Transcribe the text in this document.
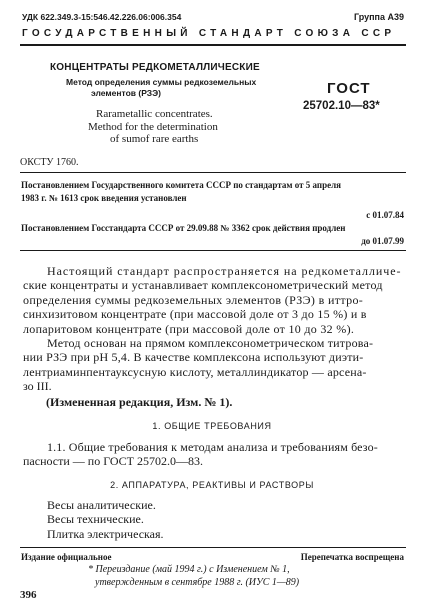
УДК 622.349.3-15:546.42.226.06:006.354	Группа А39
ГОСУДАРСТВЕННЫЙ СТАНДАРТ СОЮЗА ССР
КОНЦЕНТРАТЫ РЕДКОМЕТАЛЛИЧЕСКИЕ
Метод определения суммы редкоземельных
элементов (РЗЭ)
Rarametallic concentrates.
Method for the determination
of sumof rare earths
ГОСТ
25702.10—83*
ОКСТУ 1760.
Постановлением Государственного комитета СССР по стандартам от 5 апреля
1983 г. № 1613 срок введения установлен
с 01.07.84
Постановлением Госстандарта СССР от 29.09.88 № 3362 срок действия продлен
до 01.07.99
Настоящий стандарт распространяется на редкометалличе-
ские концентраты и устанавливает комплексонометрический метод
определения суммы редкоземельных элементов (РЗЭ) в иттро-
синхизитовом концентрате (при массовой доле от 3 до 15 %) и в
лопаритовом концентрате (при массовой доле от 10 до 32 %).
Метод основан на прямом комплексонометрическом титрова-
нии РЗЭ при рН 5,4. В качестве комплексона используют диэти-
лентриаминпентауксусную кислоту, металлиндикатор — арсена-
зо III.
(Измененная редакция, Изм. № 1).
1. ОБЩИЕ ТРЕБОВАНИЯ
1.1. Общие требования к методам анализа и требованиям безо-
пасности — по ГОСТ 25702.0—83.
2. АППАРАТУРА, РЕАКТИВЫ И РАСТВОРЫ
Весы аналитические.
Весы технические.
Плитка электрическая.
Издание официальное	Перепечатка воспрещена
* Переиздание (май 1994 г.) с Изменением № 1,
утвержденным в сентябре 1988 г. (ИУС 1—89)
396
